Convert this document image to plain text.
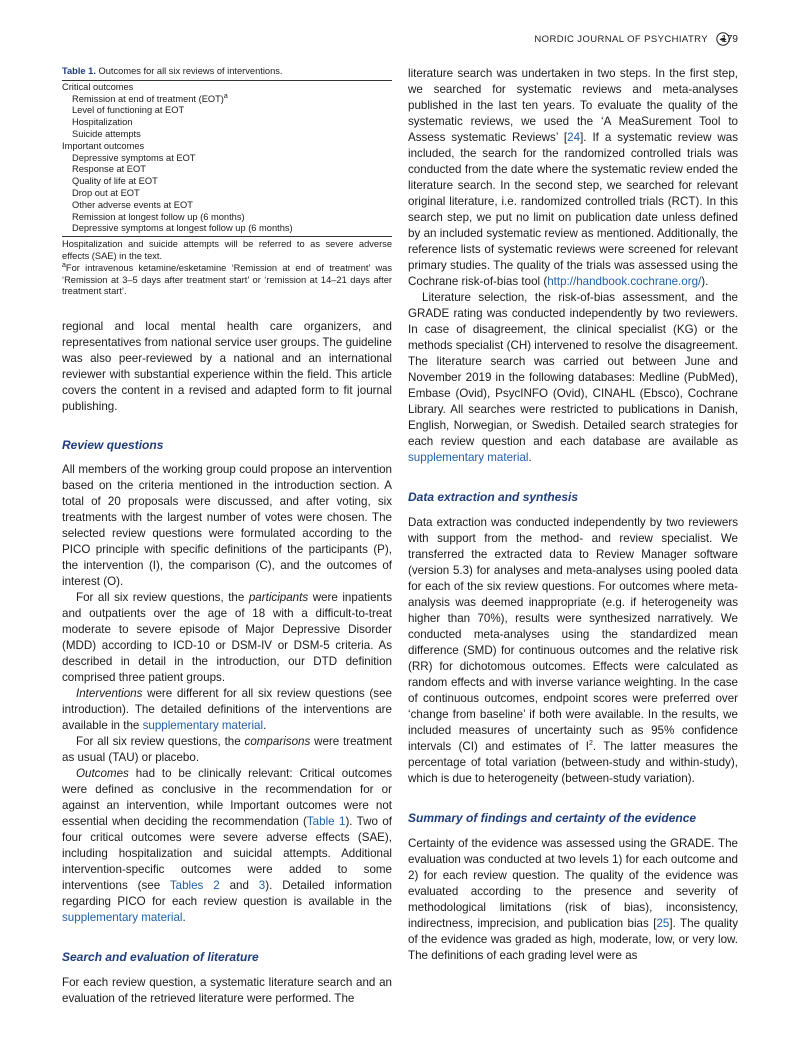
NORDIC JOURNAL OF PSYCHIATRY 179
Table 1. Outcomes for all six reviews of interventions.
Critical outcomes
Remission at end of treatment (EOT)$^a$
Level of functioning at EOT
Hospitalization
Suicide attempts
Important outcomes
Depressive symptoms at EOT
Response at EOT
Quality of life at EOT
Drop out at EOT
Other adverse events at EOT
Remission at longest follow up (6 months)
Depressive symptoms at longest follow up (6 months)
Hospitalization and suicide attempts will be referred to as severe adverse effects (SAE) in the text.
$^a$For intravenous ketamine/esketamine ‘Remission at end of treatment’ was ‘Remission at 3–5 days after treatment start’ or ‘remission at 14–21 days after treatment start’.

regional and local mental health care organizers, and representatives from national service user groups. The guideline was also peer-reviewed by a national and an international reviewer with substantial experience within the field. This article covers the content in a revised and adapted form to fit journal publishing.

Review questions

All members of the working group could propose an intervention based on the criteria mentioned in the introduction section. A total of 20 proposals were discussed, and after voting, six treatments with the largest number of votes were chosen. The selected review questions were formulated according to the PICO principle with specific definitions of the participants (P), the intervention (I), the comparison (C), and the outcomes of interest (O).

For all six review questions, the participants were inpatients and outpatients over the age of 18 with a difficult-to-treat moderate to severe episode of Major Depressive Disorder (MDD) according to ICD-10 or DSM-IV or DSM-5 criteria. As described in detail in the introduction, our DTD definition comprised three patient groups.

Interventions were different for all six review questions (see introduction). The detailed definitions of the interventions are available in the supplementary material.

For all six review questions, the comparisons were treatment as usual (TAU) or placebo.

Outcomes had to be clinically relevant: Critical outcomes were defined as conclusive in the recommendation for or against an intervention, while Important outcomes were not essential when deciding the recommendation (Table 1). Two of four critical outcomes were severe adverse effects (SAE), including hospitalization and suicidal attempts. Additional intervention-specific outcomes were added to some interventions (see Tables 2 and 3). Detailed information regarding PICO for each review question is available in the supplementary material.

Search and evaluation of literature

For each review question, a systematic literature search and an evaluation of the retrieved literature were performed. The

literature search was undertaken in two steps. In the first step, we searched for systematic reviews and meta-analyses published in the last ten years. To evaluate the quality of the systematic reviews, we used the ‘A MeaSurement Tool to Assess systematic Reviews’ [24]. If a systematic review was included, the search for the randomized controlled trials was conducted from the date where the systematic review ended the literature search. In the second step, we searched for relevant original literature, i.e. randomized controlled trials (RCT). In this search step, we put no limit on publication date unless defined by an included systematic review as mentioned. Additionally, the reference lists of systematic reviews were screened for relevant primary studies. The quality of the trials was assessed using the Cochrane risk-of-bias tool (http://handbook.cochrane.org/).

Literature selection, the risk-of-bias assessment, and the GRADE rating was conducted independently by two reviewers. In case of disagreement, the clinical specialist (KG) or the methods specialist (CH) intervened to resolve the disagreement. The literature search was carried out between June and November 2019 in the following databases: Medline (PubMed), Embase (Ovid), PsycINFO (Ovid), CINAHL (Ebsco), Cochrane Library. All searches were restricted to publications in Danish, English, Norwegian, or Swedish. Detailed search strategies for each review question and each database are available as supplementary material.

Data extraction and synthesis

Data extraction was conducted independently by two reviewers with support from the method- and review specialist. We transferred the extracted data to Review Manager software (version 5.3) for analyses and meta-analyses using pooled data for each of the six review questions. For outcomes where meta-analysis was deemed inappropriate (e.g. if heterogeneity was higher than 70%), results were synthesized narratively. We conducted meta-analyses using the standardized mean difference (SMD) for continuous outcomes and the relative risk (RR) for dichotomous outcomes. Effects were calculated as random effects and with inverse variance weighting. In the case of continuous outcomes, endpoint scores were preferred over ‘change from baseline’ if both were available. In the results, we included measures of uncertainty such as 95% confidence intervals (CI) and estimates of $I^2$. The latter measures the percentage of total variation (between-study and within-study), which is due to heterogeneity (between-study variation).

Summary of findings and certainty of the evidence

Certainty of the evidence was assessed using the GRADE. The evaluation was conducted at two levels 1) for each outcome and 2) for each review question. The quality of the evidence was evaluated according to the presence and severity of methodological limitations (risk of bias), inconsistency, indirectness, imprecision, and publication bias [25]. The quality of the evidence was graded as high, moderate, low, or very low. The definitions of each grading level were as
